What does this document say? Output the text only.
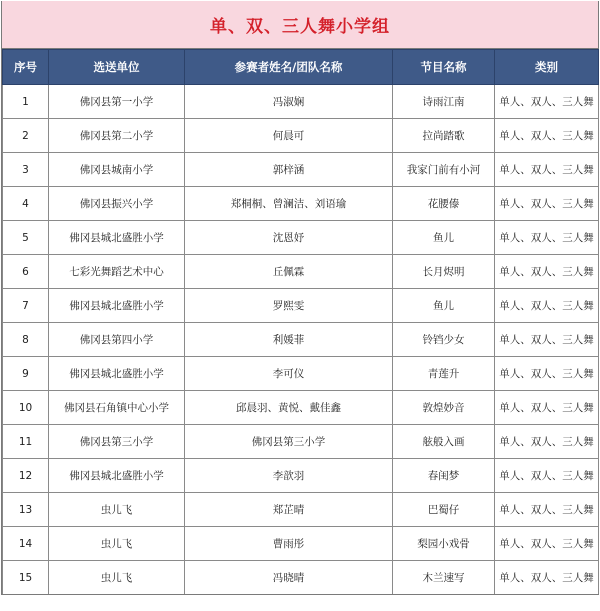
单、双、三人舞小学组
序号	选送单位	参赛者姓名/团队名称	节目名称	类别
1	佛冈县第一小学	冯淑娴	诗雨江南	单人、双人、三人舞
2	佛冈县第二小学	何晨可	拉尚踏歌	单人、双人、三人舞
3	佛冈县城南小学	郭梓涵	我家门前有小河	单人、双人、三人舞
4	佛冈县振兴小学	郑桐桐、曾澜洁、刘语瑜	花腰傣	单人、双人、三人舞
5	佛冈县城北盛胜小学	沈恩妤	鱼儿	单人、双人、三人舞
6	七彩光舞蹈艺术中心	丘佩霖	长月烬明	单人、双人、三人舞
7	佛冈县城北盛胜小学	罗熙雯	鱼儿	单人、双人、三人舞
8	佛冈县第四小学	利媛菲	铃铛少女	单人、双人、三人舞
9	佛冈县城北盛胜小学	李可仪	青莲升	单人、双人、三人舞
10	佛冈县石角镇中心小学	邱晨羽、黄悦、戴佳鑫	敦煌妙音	单人、双人、三人舞
11	佛冈县第三小学	佛冈县第三小学	舷般入画	单人、双人、三人舞
12	佛冈县城北盛胜小学	李歆羽	春闺梦	单人、双人、三人舞
13	虫儿飞	郑芷晴	巴蜀仔	单人、双人、三人舞
14	虫儿飞	曹雨彤	梨园小戏骨	单人、双人、三人舞
15	虫儿飞	冯晓晴	木兰速写	单人、双人、三人舞
